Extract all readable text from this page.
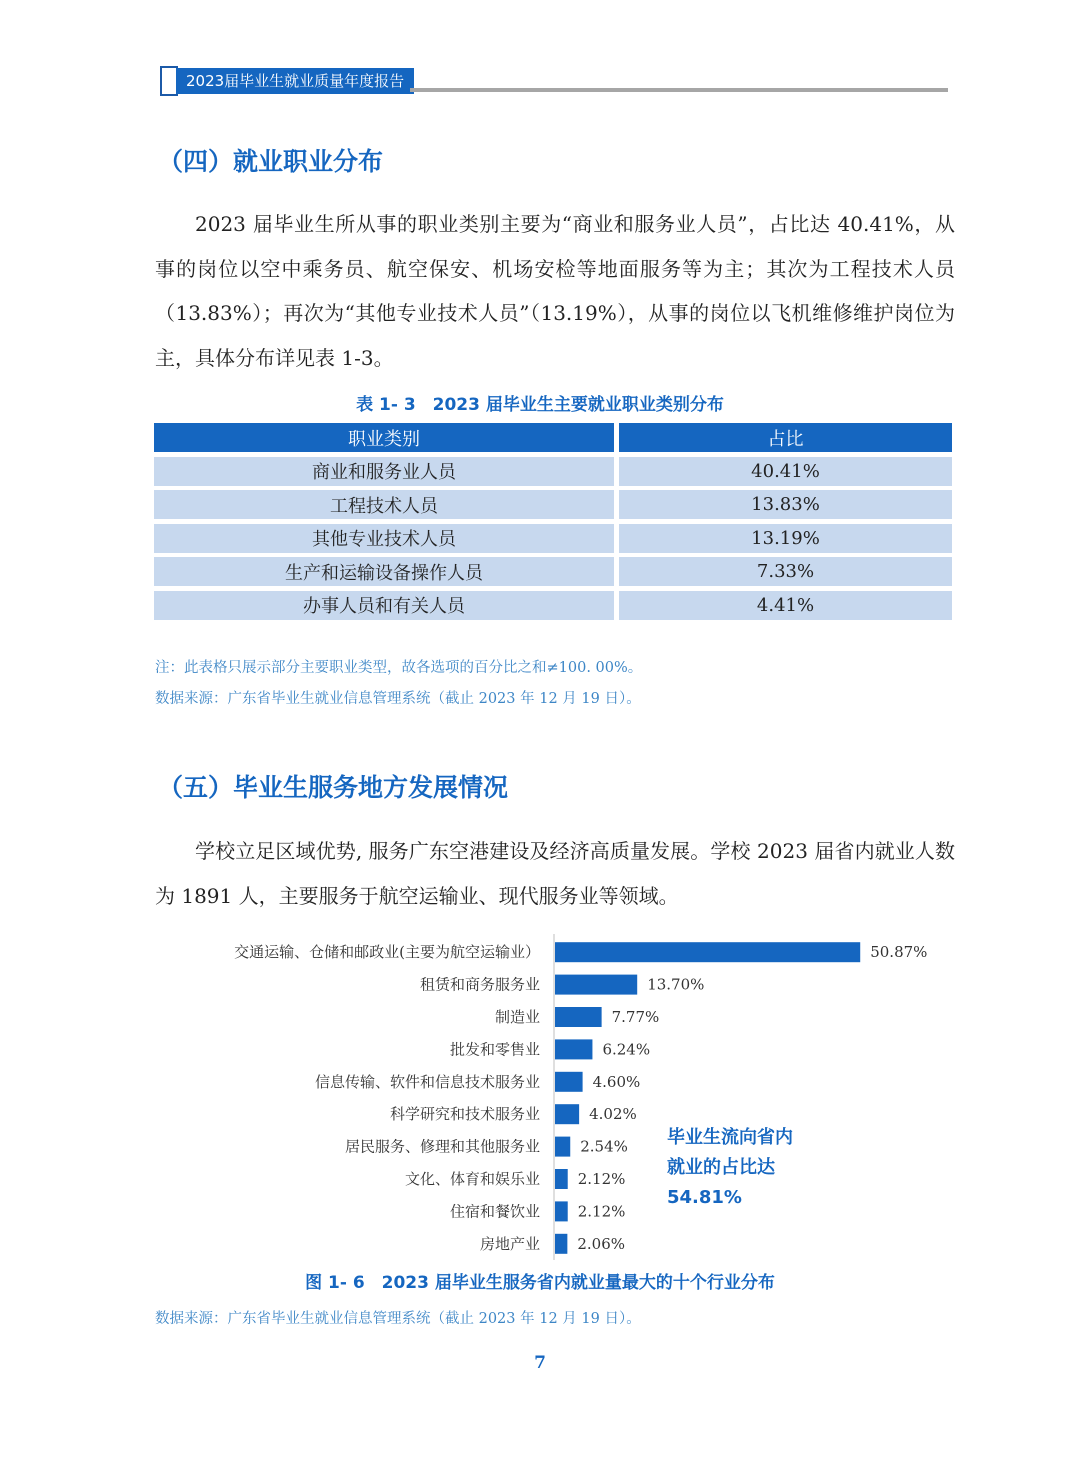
2023届毕业生就业质量年度报告
（四）就业职业分布

2023 届毕业生所从事的职业类别主要为“商业和服务业人员”，占比达 40.41%，从事的岗位以空中乘务员、航空保安、机场安检等地面服务等为主；其次为工程技术人员（13.83%）；再次为“其他专业技术人员”（13.19%），从事的岗位以飞机维修维护岗位为主，具体分布详见表 1-3。

表 1- 3　2023 届毕业生主要就业职业类别分布
职业类别	占比
商业和服务业人员	40.41%
工程技术人员	13.83%
其他专业技术人员	13.19%
生产和运输设备操作人员	7.33%
办事人员和有关人员	4.41%
注：此表格只展示部分主要职业类型，故各选项的百分比之和≠100. 00%。
数据来源：广东省毕业生就业信息管理系统（截止 2023 年 12 月 19 日）。
（五）毕业生服务地方发展情况

学校立足区域优势, 服务广东空港建设及经济高质量发展。学校 2023 届省内就业人数为 1891 人，主要服务于航空运输业、现代服务业等领域。

交通运输、仓储和邮政业(主要为航空运输业）	50.87%
租赁和商务服务业	13.70%
制造业	7.77%
批发和零售业	6.24%
信息传输、软件和信息技术服务业	4.60%
科学研究和技术服务业	4.02%
居民服务、修理和其他服务业	2.54%
文化、体育和娱乐业	2.12%
住宿和餐饮业	2.12%
房地产业 2.06%
毕业生流向省内就业的占比达 54.81%
图 1- 6　2023 届毕业生服务省内就业量最大的十个行业分布
数据来源：广东省毕业生就业信息管理系统（截止 2023 年 12 月 19 日）。
7
